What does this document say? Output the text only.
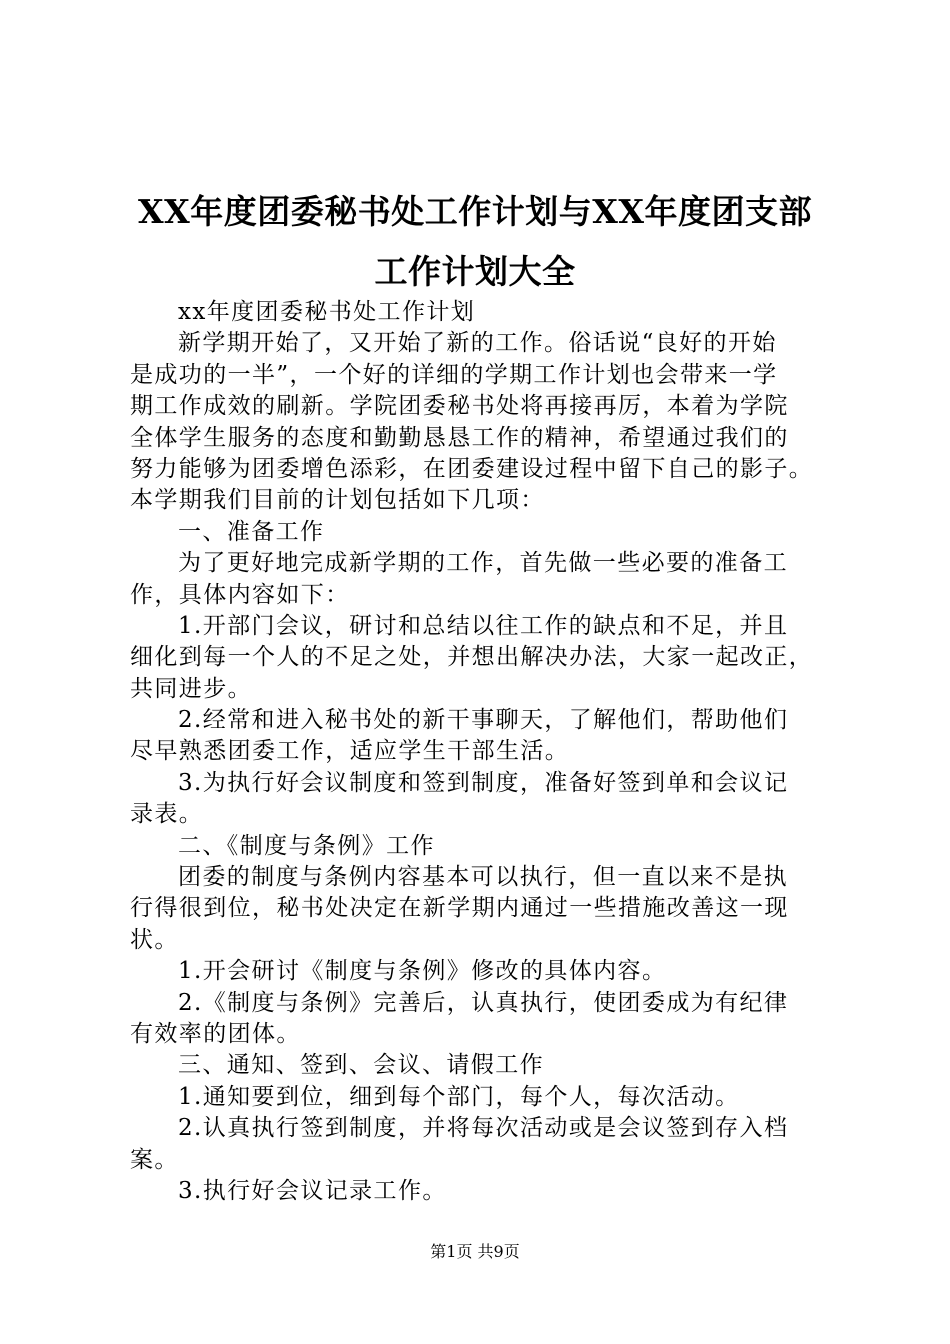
XX年度团委秘书处工作计划与XX年度团支部
工作计划大全
xx年度团委秘书处工作计划
新学期开始了，又开始了新的工作。俗话说“良好的开始
是成功的一半”，一个好的详细的学期工作计划也会带来一学
期工作成效的刷新。学院团委秘书处将再接再厉，本着为学院
全体学生服务的态度和勤勤恳恳工作的精神，希望通过我们的
努力能够为团委增色添彩，在团委建设过程中留下自己的影子。
本学期我们目前的计划包括如下几项：
一、准备工作
为了更好地完成新学期的工作，首先做一些必要的准备工
作，具体内容如下：
1.开部门会议，研讨和总结以往工作的缺点和不足，并且
细化到每一个人的不足之处，并想出解决办法，大家一起改正，
共同进步。
2.经常和进入秘书处的新干事聊天，了解他们，帮助他们
尽早熟悉团委工作，适应学生干部生活。
3.为执行好会议制度和签到制度，准备好签到单和会议记
录表。
二、《制度与条例》工作
团委的制度与条例内容基本可以执行，但一直以来不是执
行得很到位，秘书处决定在新学期内通过一些措施改善这一现
状。
1.开会研讨《制度与条例》修改的具体内容。
2.《制度与条例》完善后，认真执行，使团委成为有纪律
有效率的团体。
三、通知、签到、会议、请假工作
1.通知要到位，细到每个部门，每个人，每次活动。
2.认真执行签到制度，并将每次活动或是会议签到存入档
案。
3.执行好会议记录工作。
第1页 共9页
